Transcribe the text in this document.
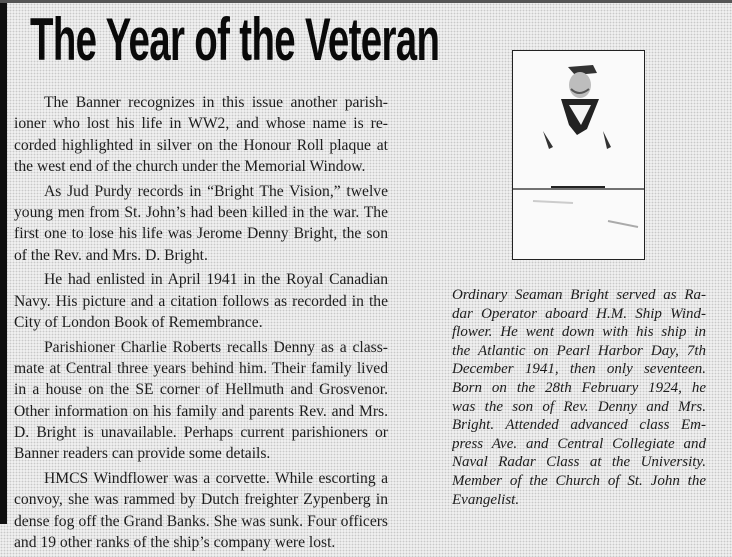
The Year of the Veteran
The Banner recognizes in this issue another parish-
ioner who lost his life in WW2, and whose name is re-
corded highlighted in silver on the Honour Roll plaque at
the west end of the church under the Memorial Window.
As Jud Purdy records in “Bright The Vision,” twelve
young men from St. John’s had been killed in the war. The
first one to lose his life was Jerome Denny Bright, the son
of the Rev. and Mrs. D. Bright.
He had enlisted in April 1941 in the Royal Canadian
Navy. His picture and a citation follows as recorded in the
City of London Book of Remembrance.
Parishioner Charlie Roberts recalls Denny as a class-
mate at Central three years behind him. Their family lived
in a house on the SE corner of Hellmuth and Grosvenor.
Other information on his family and parents Rev. and Mrs.
D. Bright is unavailable. Perhaps current parishioners or
Banner readers can provide some details.
HMCS Windflower was a corvette. While escorting a
convoy, she was rammed by Dutch freighter Zypenberg in
dense fog off the Grand Banks. She was sunk. Four officers
and 19 other ranks of the ship’s company were lost.
Ordinary Seaman Bright served as Ra-
dar Operator aboard H.M. Ship Wind-
flower. He went down with his ship in
the Atlantic on Pearl Harbor Day, 7th
December 1941, then only seventeen.
Born on the 28th February 1924, he
was the son of Rev. Denny and Mrs.
Bright. Attended advanced class Em-
press Ave. and Central Collegiate and
Naval Radar Class at the University.
Member of the Church of St. John the
Evangelist.
